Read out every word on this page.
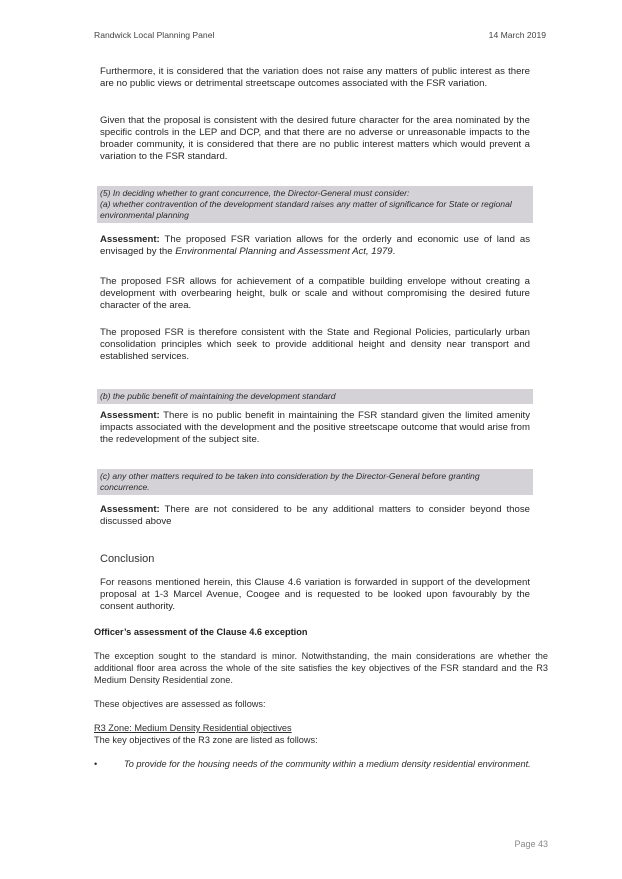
Randwick Local Planning Panel	14 March 2019

Furthermore, it is considered that the variation does not raise any matters of public interest as there are no public views or detrimental streetscape outcomes associated with the FSR variation.

Given that the proposal is consistent with the desired future character for the area nominated by the specific controls in the LEP and DCP, and that there are no adverse or unreasonable impacts to the broader community, it is considered that there are no public interest matters which would prevent a variation to the FSR standard.

(5) In deciding whether to grant concurrence, the Director-General must consider:
(a) whether contravention of the development standard raises any matter of significance for State or regional environmental planning

Assessment: The proposed FSR variation allows for the orderly and economic use of land as envisaged by the Environmental Planning and Assessment Act, 1979.

The proposed FSR allows for achievement of a compatible building envelope without creating a development with overbearing height, bulk or scale and without compromising the desired future character of the area.

The proposed FSR is therefore consistent with the State and Regional Policies, particularly urban consolidation principles which seek to provide additional height and density near transport and established services.

(b) the public benefit of maintaining the development standard

Assessment: There is no public benefit in maintaining the FSR standard given the limited amenity impacts associated with the development and the positive streetscape outcome that would arise from the redevelopment of the subject site.

(c) any other matters required to be taken into consideration by the Director-General before granting concurrence.

Assessment: There are not considered to be any additional matters to consider beyond those discussed above

Conclusion

For reasons mentioned herein, this Clause 4.6 variation is forwarded in support of the development proposal at 1-3 Marcel Avenue, Coogee and is requested to be looked upon favourably by the consent authority.

Officer’s assessment of the Clause 4.6 exception

The exception sought to the standard is minor. Notwithstanding, the main considerations are whether the additional floor area across the whole of the site satisfies the key objectives of the FSR standard and the R3 Medium Density Residential zone.

These objectives are assessed as follows:

R3 Zone: Medium Density Residential objectives

The key objectives of the R3 zone are listed as follows:

•	To provide for the housing needs of the community within a medium density residential environment.
Page 43
